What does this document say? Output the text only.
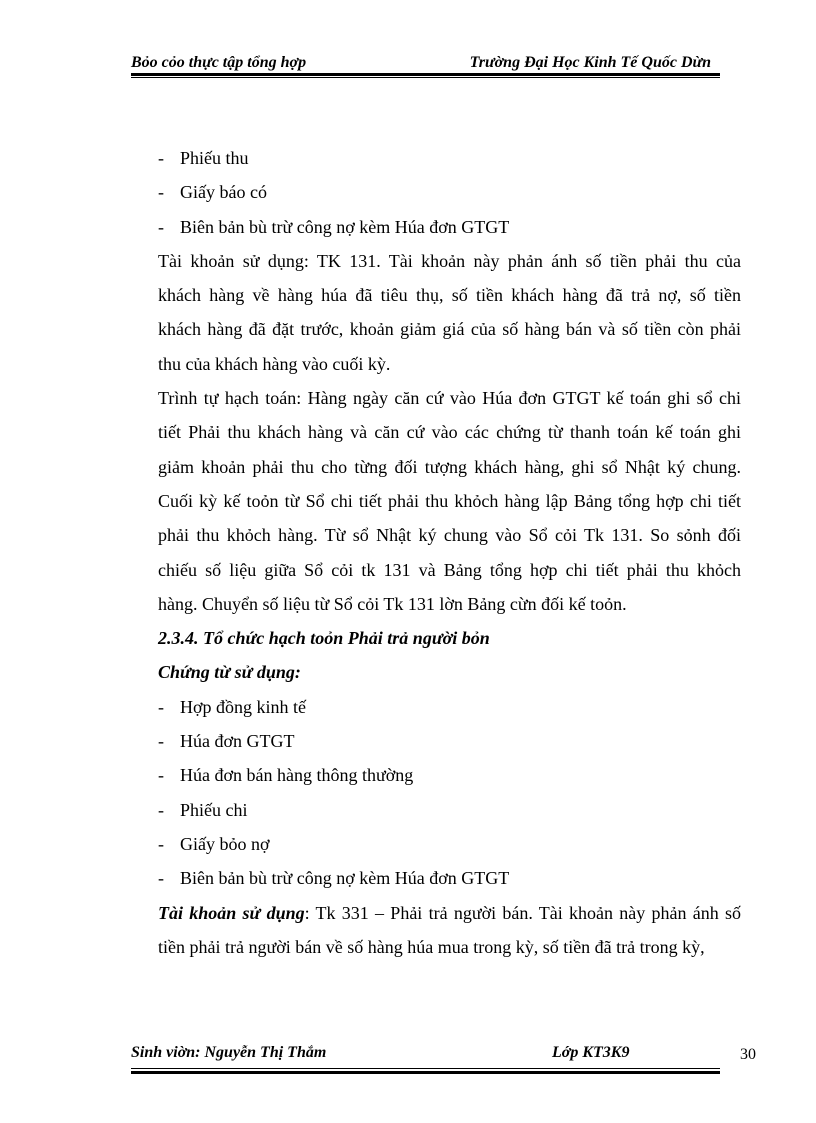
Bỏo cỏo thực tập tổng hợp	Trường Đại Học Kinh Tế Quốc Dừn
- Phiếu thu
- Giấy báo có
- Biên bản bù trừ công nợ kèm Húa đơn GTGT
Tài khoản sử dụng: TK 131. Tài khoản này phản ánh số tiền phải thu của
khách hàng về hàng húa đã tiêu thụ, số tiền khách hàng đã trả nợ, số tiền
khách hàng đã đặt trước, khoản giảm giá của số hàng bán và số tiền còn phải
thu của khách hàng vào cuối kỳ.
Trình tự hạch toán: Hàng ngày căn cứ vào Húa đơn GTGT kế toán ghi sổ chi
tiết Phải thu khách hàng và căn cứ vào các chứng từ thanh toán kế toán ghi
giảm khoản phải thu cho từng đối tượng khách hàng, ghi sổ Nhật ký chung.
Cuối kỳ kế toỏn từ Sổ chi tiết phải thu khỏch hàng lập Bảng tổng hợp chi tiết
phải thu khỏch hàng. Từ sổ Nhật ký chung vào Sổ cỏi Tk 131. So sỏnh đối
chiếu số liệu giữa Sổ cỏi tk 131 và Bảng tổng hợp chi tiết phải thu khỏch
hàng. Chuyển số liệu từ Sổ cỏi Tk 131 lờn Bảng cừn đối kế toỏn.
2.3.4. Tổ chức hạch toỏn Phải trả người bỏn
Chứng từ sử dụng:
- Hợp đồng kinh tế
- Húa đơn GTGT
- Húa đơn bán hàng thông thường
- Phiếu chi
- Giấy bỏo nợ
- Biên bản bù trừ công nợ kèm Húa đơn GTGT
Tài khoản sử dụng: Tk 331 – Phải trả người bán. Tài khoản này phản ánh số
tiền phải trả người bán về số hàng húa mua trong kỳ, số tiền đã trả trong kỳ,
Sinh viờn: Nguyễn Thị Thắm	Lớp KT3K9	30
